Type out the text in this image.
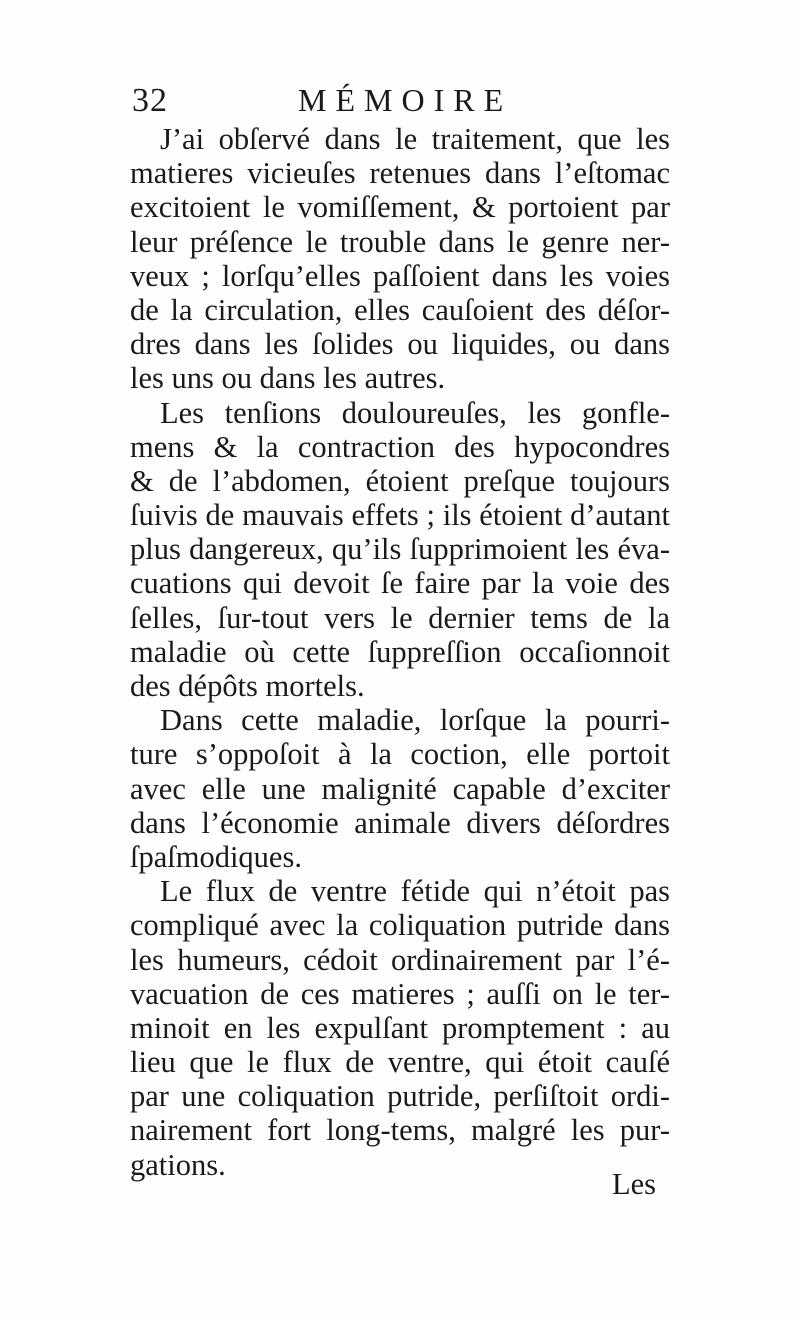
32	MÉMOIRE
J’ai obſervé dans le traitement, que les
matieres vicieuſes retenues dans l’eſtomac
excitoient le vomiſſement, & portoient par
leur préſence le trouble dans le genre ner-
veux ; lorſqu’elles paſſoient dans les voies
de la circulation, elles cauſoient des déſor-
dres dans les ſolides ou liquides, ou dans
les uns ou dans les autres.
Les tenſions douloureuſes, les gonfle-
mens & la contraction des hypocondres
& de l’abdomen, étoient preſque toujours
ſuivis de mauvais effets ; ils étoient d’autant
plus dangereux, qu’ils ſupprimoient les éva-
cuations qui devoit ſe faire par la voie des
ſelles, ſur-tout vers le dernier tems de la
maladie où cette ſuppreſſion occaſionnoit
des dépôts mortels.
Dans cette maladie, lorſque la pourri-
ture s’oppoſoit à la coction, elle portoit
avec elle une malignité capable d’exciter
dans l’économie animale divers déſordres
ſpaſmodiques.
Le flux de ventre fétide qui n’étoit pas
compliqué avec la coliquation putride dans
les humeurs, cédoit ordinairement par l’é-
vacuation de ces matieres ; auſſi on le ter-
minoit en les expulſant promptement : au
lieu que le flux de ventre, qui étoit cauſé
par une coliquation putride, perſiſtoit ordi-
nairement fort long-tems, malgré les pur-
gations.
Les
